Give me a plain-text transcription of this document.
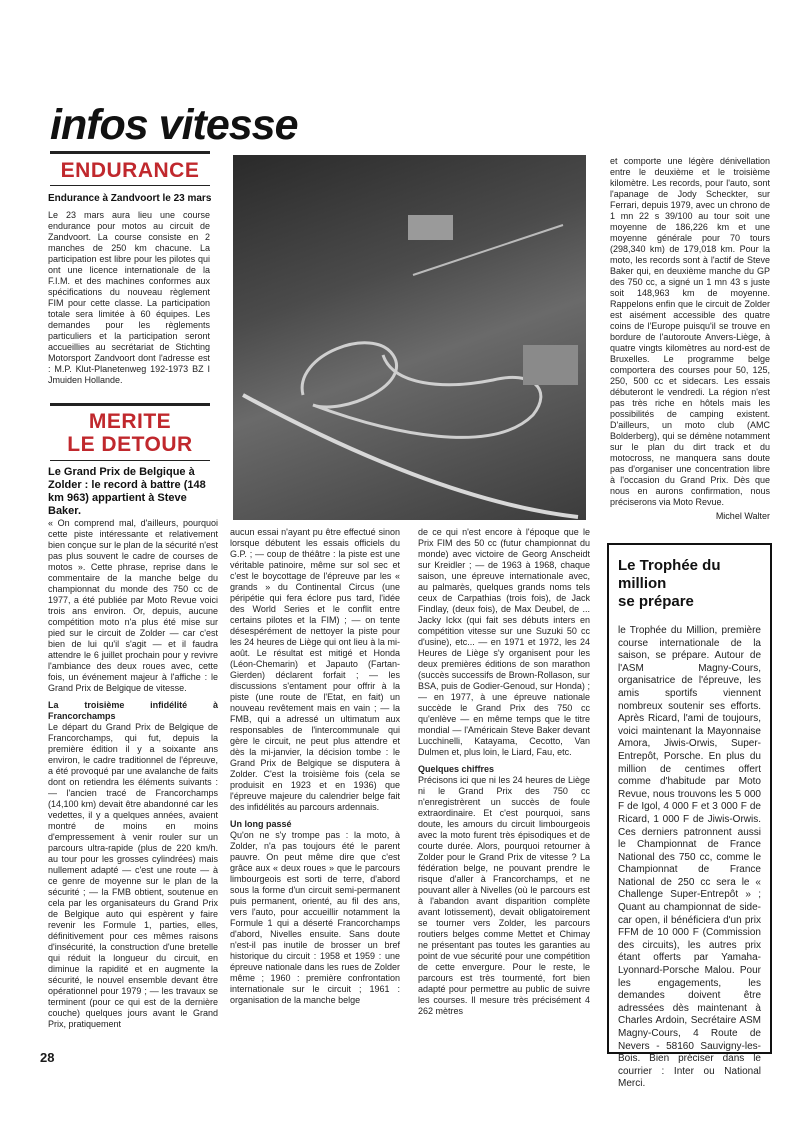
infos vitesse
ENDURANCE
Endurance à Zandvoort le 23 mars
Le 23 mars aura lieu une course endurance pour motos au circuit de Zandvoort. La course consiste en 2 manches de 250 km chacune. La participation est libre pour les pilotes qui ont une licence internationale de la F.I.M. et des machines conformes aux spécifications du nouveau règlement FIM pour cette classe. La participation totale sera limitée à 60 équipes. Les demandes pour les règlements particuliers et la participation seront accueillies au secrétariat de Stichting Motorsport Zandvoort dont l'adresse est : M.P. Klut-Planetenweg 192-1973 BZ I Jmuiden Hollande.
MERITE
LE DETOUR
Le Grand Prix de Belgique à Zolder : le record à battre (148 km 963) appartient à Steve Baker.

« On comprend mal, d'ailleurs, pourquoi cette piste intéressante et relativement bien conçue sur le plan de la sécurité n'est pas plus souvent le cadre de courses de motos ». Cette phrase, reprise dans le commentaire de la manche belge du championnat du monde des 750 cc de 1977, a été publiée par Moto Revue voici trois ans environ. Or, depuis, aucune compétition moto n'a plus été mise sur pied sur le circuit de Zolder — car c'est bien de lui qu'il s'agit — et il faudra attendre le 6 juillet prochain pour y revivre l'ambiance des deux roues avec, cette fois, un événement majeur à l'affiche : le Grand Prix de Belgique de vitesse.

La troisième infidélité à Francorchamps

Le départ du Grand Prix de Belgique de Francorchamps, qui fut, depuis la première édition il y a soixante ans environ, le cadre traditionnel de l'épreuve, a été provoqué par une avalanche de faits dont on retiendra les éléments suivants : — l'ancien tracé de Francorchamps (14,100 km) devait être abandonné car les vedettes, il y a quelques années, avaient montré de moins en moins d'empressement à venir rouler sur un parcours ultra-rapide (plus de 220 km/h. au tour pour les grosses cylindrées) mais nullement adapté — c'est une route — à ce genre de moyenne sur le plan de la sécurité ; — la FMB obtient, soutenue en cela par les organisateurs du Grand Prix de Belgique auto qui espèrent y faire revenir les Formule 1, parties, elles, définitivement pour ces mêmes raisons d'insécurité, la construction d'une bretelle qui réduit la longueur du circuit, en diminue la rapidité et en augmente la sécurité, le nouvel ensemble devant être opérationnel pour 1979 ; — les travaux se terminent (pour ce qui est de la dernière couche) quelques jours avant le Grand Prix, pratiquement

aucun essai n'ayant pu être effectué sinon lorsque débutent les essais officiels du G.P. ; — coup de théâtre : la piste est une véritable patinoire, même sur sol sec et c'est le boycottage de l'épreuve par les « grands » du Continental Circus (une péripétie qui fera éclore pus tard, l'idée des World Series et le conflit entre certains pilotes et la FIM) ; — on tente désespérément de nettoyer la piste pour les 24 heures de Liège qui ont lieu à la mi-août. Le résultat est mitigé et Honda (Léon-Chemarin) et Japauto (Fartan-Gierden) déclarent forfait ; — les discussions s'entament pour offrir à la piste (une route de l'Etat, en fait) un nouveau revêtement mais en vain ; — la FMB, qui a adressé un ultimatum aux responsables de l'intercommunale qui gère le circuit, ne peut plus attendre et dès la mi-janvier, la décision tombe : le Grand Prix de Belgique se disputera à Zolder. C'est la troisième fois (cela se produisit en 1923 et en 1936) que l'épreuve majeure du calendrier belge fait des infidélités au parcours ardennais.

Un long passé

Qu'on ne s'y trompe pas : la moto, à Zolder, n'a pas toujours été le parent pauvre. On peut même dire que c'est grâce aux « deux roues » que le parcours limbourgeois est sorti de terre, d'abord sous la forme d'un circuit semi-permanent puis permanent, orienté, au fil des ans, vers l'auto, pour accueillir notamment la Formule 1 qui a déserté Francorchamps d'abord, Nivelles ensuite. Sans doute n'est-il pas inutile de brosser un bref historique du circuit : 1958 et 1959 : une épreuve nationale dans les rues de Zolder même ; 1960 : première confrontation internationale sur le circuit ; 1961 : organisation de la manche belge

de ce qui n'est encore à l'époque que le Prix FIM des 50 cc (futur championnat du monde) avec victoire de Georg Anscheidt sur Kreidler ; — de 1963 à 1968, chaque saison, une épreuve internationale avec, au palmarès, quelques grands noms tels ceux de Carpathias (trois fois), de Jack Findlay, (deux fois), de Max Deubel, de ... Jacky Ickx (qui fait ses débuts inters en compétition vitesse sur une Suzuki 50 cc d'usine), etc... — en 1971 et 1972, les 24 Heures de Liège s'y organisent pour les deux premières éditions de son marathon (succès successifs de Brown-Rollason, sur BSA, puis de Godier-Genoud, sur Honda) ; — en 1977, à une épreuve nationale succède le Grand Prix des 750 cc qu'enlève — en même temps que le titre mondial — l'Américain Steve Baker devant Lucchinelli, Katayama, Cecotto, Van Dulmen et, plus loin, le Liard, Fau, etc.

Quelques chiffres

Précisons ici que ni les 24 heures de Liège ni le Grand Prix des 750 cc n'enregistrèrent un succès de foule extraordinaire. Et c'est pourquoi, sans doute, les amours du circuit limbourgeois avec la moto furent très épisodiques et de courte durée. Alors, pourquoi retourner à Zolder pour le Grand Prix de vitesse ? La fédération belge, ne pouvant prendre le risque d'aller à Francorchamps, et ne pouvant aller à Nivelles (où le parcours est à l'abandon avant disparition complète avant lotissement), devait obligatoirement se tourner vers Zolder, les parcours routiers belges comme Mettet et Chimay ne présentant pas toutes les garanties au point de vue sécurité pour une compétition de cette envergure. Pour le reste, le parcours est très tourmenté, fort bien adapté pour permettre au public de suivre les courses. Il mesure très précisément 4 262 mètres

et comporte une légère dénivellation entre le deuxième et le troisième kilomètre. Les records, pour l'auto, sont l'apanage de Jody Scheckter, sur Ferrari, depuis 1979, avec un chrono de 1 mn 22 s 39/100 au tour soit une moyenne de 186,226 km et une moyenne générale pour 70 tours (298,340 km) de 179,018 km. Pour la moto, les records sont à l'actif de Steve Baker qui, en deuxième manche du GP des 750 cc, a signé un 1 mn 43 s juste soit 148,963 km de moyenne. Rappelons enfin que le circuit de Zolder est aisément accessible des quatre coins de l'Europe puisqu'il se trouve en bordure de l'autoroute Anvers-Liège, à quatre vingts kilomètres au nord-est de Bruxelles. Le programme belge comportera des courses pour 50, 125, 250, 500 cc et sidecars. Les essais débuteront le vendredi. La région n'est pas très riche en hôtels mais les possibilités de camping existent. D'ailleurs, un moto club (AMC Bolderberg), qui se démène notamment sur le plan du dirt track et du motocross, ne manquera sans doute pas d'organiser une concentration libre à l'occasion du Grand Prix. Dès que nous en aurons confirmation, nous préciserons via Moto Revue.
Michel Walter
Le Trophée du million
se prépare
le Trophée du Million, première course internationale de la saison, se prépare. Autour de l'ASM Magny-Cours, organisatrice de l'épreuve, les amis sportifs viennent nombreux soutenir ses efforts. Après Ricard, l'ami de toujours, voici maintenant la Mayonnaise Amora, Jiwis-Orwis, Super-Entrepôt, Porsche. En plus du million de centimes offert comme d'habitude par Moto Revue, nous trouvons les 5 000 F de Igol, 4 000 F et 3 000 F de Ricard, 1 000 F de Jiwis-Orwis. Ces derniers patronnent aussi le Championnat de France National des 750 cc, comme le Championnat de France National de 250 cc sera le « Challenge Super-Entrepôt » ; Quant au championnat de side-car open, il bénéficiera d'un prix FFM de 10 000 F (Commission des circuits), les autres prix étant offerts par Yamaha-Lyonnard-Porsche Malou. Pour les engagements, les demandes doivent être adressées dès maintenant à Charles Ardoin, Secrétaire ASM Magny-Cours, 4 Route de Nevers - 58160 Sauvigny-les-Bois. Bien préciser dans le courrier : Inter ou National Merci.
28
